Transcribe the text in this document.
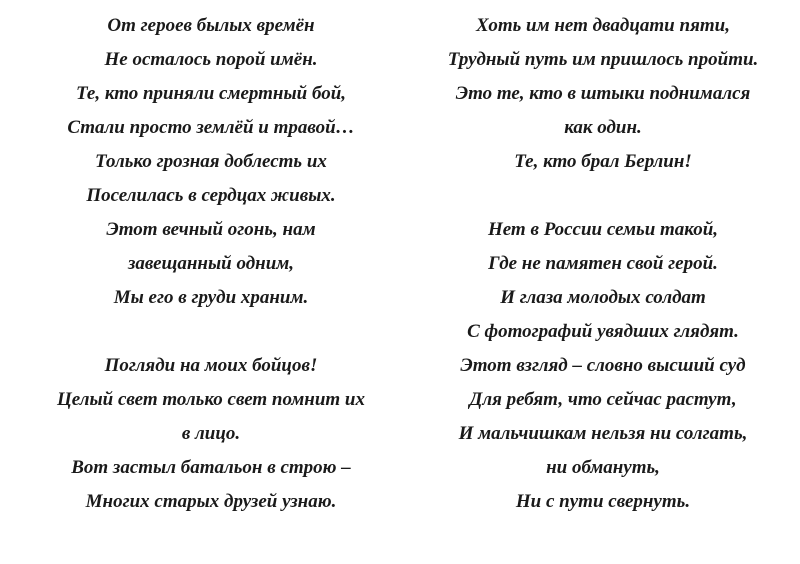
От героев былых времён
Не осталось порой имён.
Те, кто приняли смертный бой,
Стали просто землёй и травой…
Только грозная доблесть их
Поселилась в сердцах живых.
Этот вечный огонь, нам
завещанный одним,
Мы его в груди храним.
Погляди на моих бойцов!
Целый свет только свет помнит их
в лицо.
Вот застыл батальон в строю –
Многих старых друзей узнаю.
Хоть им нет двадцати пяти,
Трудный путь им пришлось пройти.
Это те, кто в штыки поднимался
как один.
Те, кто брал Берлин!
Нет в России семьи такой,
Где не памятен свой герой.
И глаза молодых солдат
С фотографий увядших глядят.
Этот взгляд – словно высший суд
Для ребят, что сейчас растут,
И мальчишкам нельзя ни солгать,
ни обмануть,
Ни с пути свернуть.
